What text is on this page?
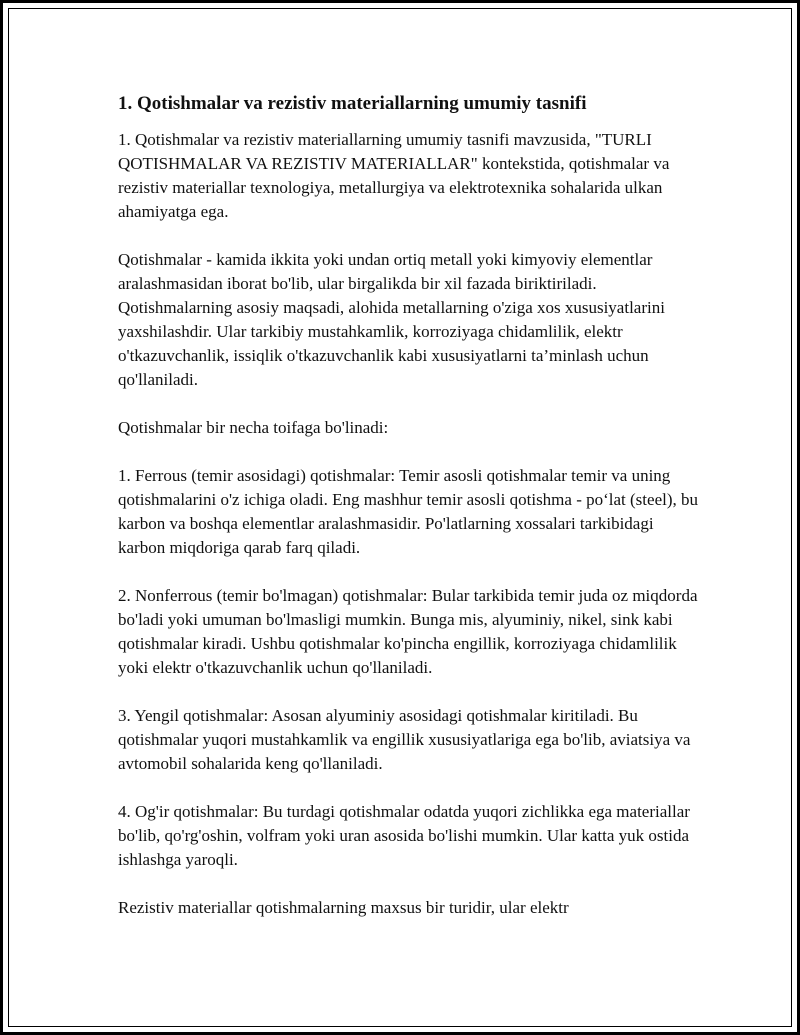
1. Qotishmalar va rezistiv materiallarning umumiy tasnifi

1. Qotishmalar va rezistiv materiallarning umumiy tasnifi mavzusida, "TURLI QOTISHMALAR VA REZISTIV MATERIALLAR" kontekstida, qotishmalar va rezistiv materiallar texnologiya, metallurgiya va elektrotexnika sohalarida ulkan ahamiyatga ega.

Qotishmalar - kamida ikkita yoki undan ortiq metall yoki kimyoviy elementlar aralashmasidan iborat bo'lib, ular birgalikda bir xil fazada biriktiriladi. Qotishmalarning asosiy maqsadi, alohida metallarning o'ziga xos xususiyatlarini yaxshilashdir. Ular tarkibiy mustahkamlik, korroziyaga chidamlilik, elektr o'tkazuvchanlik, issiqlik o'tkazuvchanlik kabi xususiyatlarni ta’minlash uchun qo'llaniladi.

Qotishmalar bir necha toifaga bo'linadi:

1. Ferrous (temir asosidagi) qotishmalar: Temir asosli qotishmalar temir va uning qotishmalarini o'z ichiga oladi. Eng mashhur temir asosli qotishma - po‘lat (steel), bu karbon va boshqa elementlar aralashmasidir. Po'latlarning xossalari tarkibidagi karbon miqdoriga qarab farq qiladi.

2. Nonferrous (temir bo'lmagan) qotishmalar: Bular tarkibida temir juda oz miqdorda bo'ladi yoki umuman bo'lmasligi mumkin. Bunga mis, alyuminiy, nikel, sink kabi qotishmalar kiradi. Ushbu qotishmalar ko'pincha engillik, korroziyaga chidamlilik yoki elektr o'tkazuvchanlik uchun qo'llaniladi.

3. Yengil qotishmalar: Asosan alyuminiy asosidagi qotishmalar kiritiladi. Bu qotishmalar yuqori mustahkamlik va engillik xususiyatlariga ega bo'lib, aviatsiya va avtomobil sohalarida keng qo'llaniladi.

4. Og'ir qotishmalar: Bu turdagi qotishmalar odatda yuqori zichlikka ega materiallar bo'lib, qo'rg'oshin, volfram yoki uran asosida bo'lishi mumkin. Ular katta yuk ostida ishlashga yaroqli.

Rezistiv materiallar qotishmalarning maxsus bir turidir, ular elektr
